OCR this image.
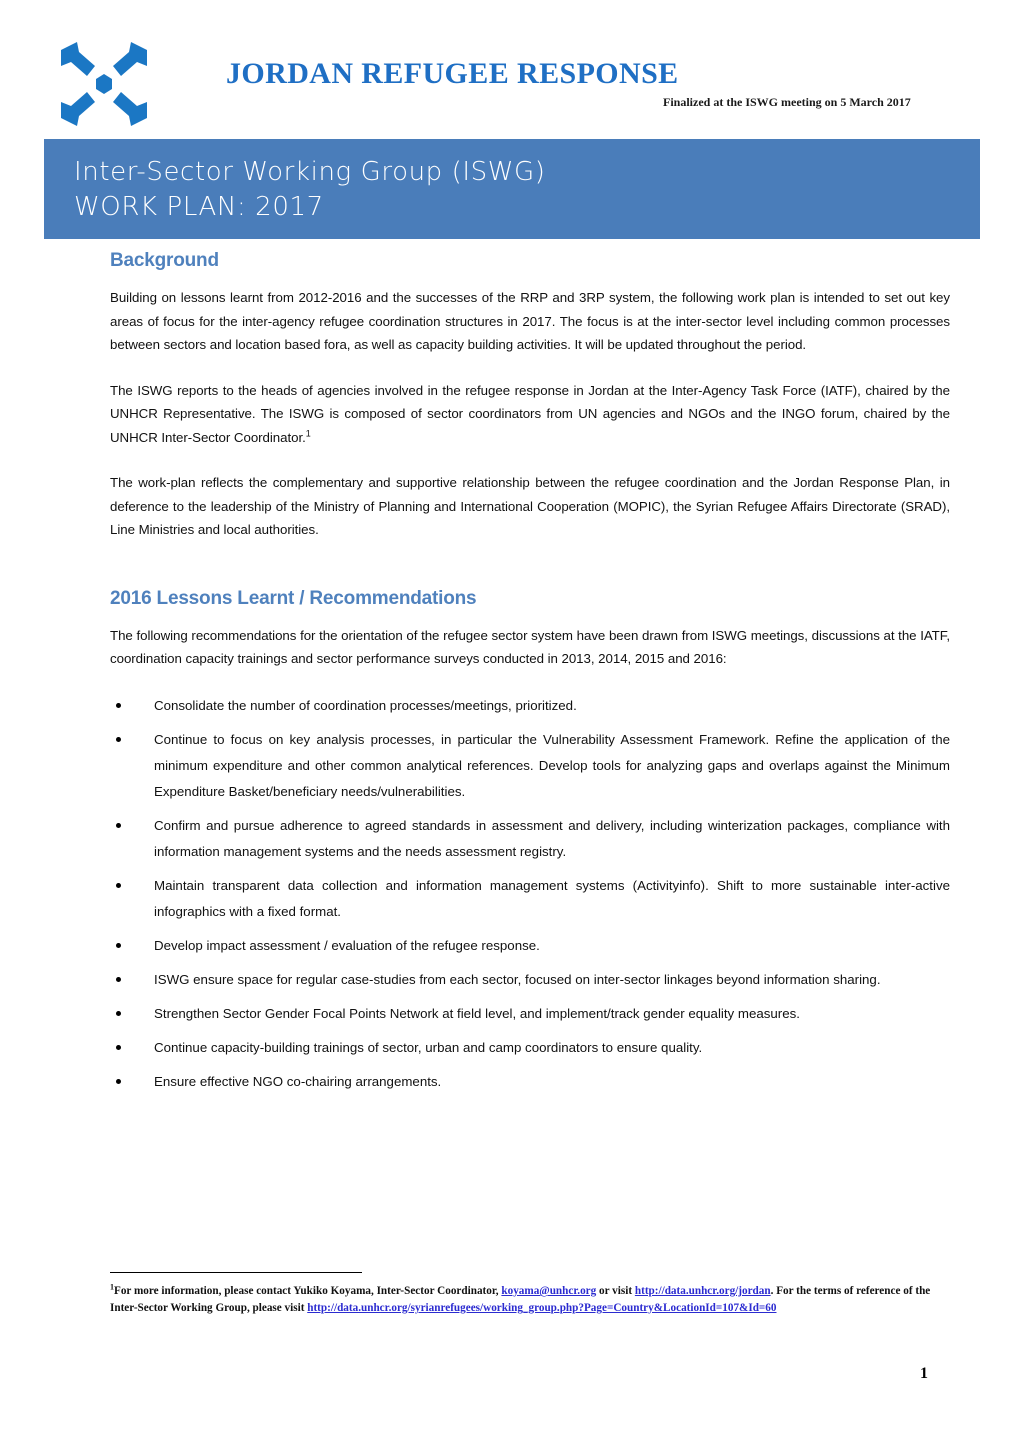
JORDAN REFUGEE RESPONSE
Finalized at the ISWG meeting on 5 March 2017
Inter-Sector Working Group (ISWG)
WORK PLAN: 2017
Background

Building on lessons learnt from 2012-2016 and the successes of the RRP and 3RP system, the following work plan is intended to set out key areas of focus for the inter-agency refugee coordination structures in 2017. The focus is at the inter-sector level including common processes between sectors and location based fora, as well as capacity building activities. It will be updated throughout the period.

The ISWG reports to the heads of agencies involved in the refugee response in Jordan at the Inter-Agency Task Force (IATF), chaired by the UNHCR Representative. The ISWG is composed of sector coordinators from UN agencies and NGOs and the INGO forum, chaired by the UNHCR Inter-Sector Coordinator.$^1$

The work-plan reflects the complementary and supportive relationship between the refugee coordination and the Jordan Response Plan, in deference to the leadership of the Ministry of Planning and International Cooperation (MOPIC), the Syrian Refugee Affairs Directorate (SRAD), Line Ministries and local authorities.

2016 Lessons Learnt / Recommendations

The following recommendations for the orientation of the refugee sector system have been drawn from ISWG meetings, discussions at the IATF, coordination capacity trainings and sector performance surveys conducted in 2013, 2014, 2015 and 2016:

Consolidate the number of coordination processes/meetings, prioritized.
Continue to focus on key analysis processes, in particular the Vulnerability Assessment Framework. Refine the application of the minimum expenditure and other common analytical references. Develop tools for analyzing gaps and overlaps against the Minimum Expenditure Basket/beneficiary needs/vulnerabilities.
Confirm and pursue adherence to agreed standards in assessment and delivery, including winterization packages, compliance with information management systems and the needs assessment registry.
Maintain transparent data collection and information management systems (Activityinfo). Shift to more sustainable inter-active infographics with a fixed format.
Develop impact assessment / evaluation of the refugee response.
ISWG ensure space for regular case-studies from each sector, focused on inter-sector linkages beyond information sharing.
Strengthen Sector Gender Focal Points Network at field level, and implement/track gender equality measures.
Continue capacity-building trainings of sector, urban and camp coordinators to ensure quality.
Ensure effective NGO co-chairing arrangements.
$^1$For more information, please contact Yukiko Koyama, Inter-Sector Coordinator, koyama@unhcr.org or visit http://data.unhcr.org/jordan. For the terms of reference of the Inter-Sector Working Group, please visit http://data.unhcr.org/syrianrefugees/working_group.php?Page=Country&LocationId=107&Id=60
1
